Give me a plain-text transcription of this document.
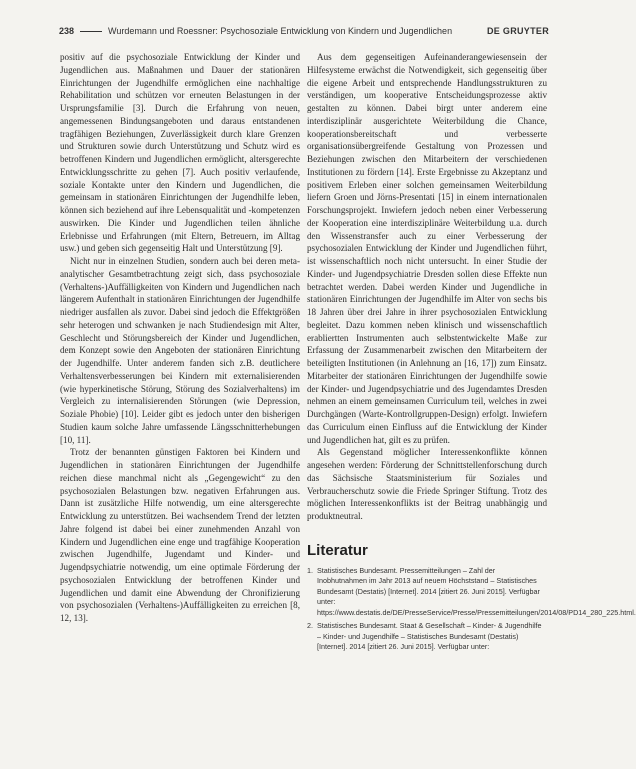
238	Wurdemann und Roessner: Psychosoziale Entwicklung von Kindern und Jugendlichen	DE GRUYTER

positiv auf die psychosoziale Entwicklung der Kinder und Jugendlichen aus. Maßnahmen und Dauer der stationären Einrichtungen der Jugendhilfe ermöglichen eine nachhaltige Rehabilitation und schützen vor erneuten Belastungen in der Ursprungsfamilie [3]. Durch die Erfahrung von neuen, angemessenen Bindungsangeboten und daraus entstandenen tragfähigen Beziehungen, Zuverlässigkeit durch klare Grenzen und Strukturen sowie durch Unterstützung und Schutz wird es betroffenen Kindern und Jugendlichen ermöglicht, altersgerechte Entwicklungsschritte zu gehen [7]. Auch positiv verlaufende, soziale Kontakte unter den Kindern und Jugendlichen, die gemeinsam in stationären Einrichtungen der Jugendhilfe leben, können sich beziehend auf ihre Lebensqualität und -kompetenzen auswirken. Die Kinder und Jugendlichen teilen ähnliche Erlebnisse und Erfahrungen (mit Eltern, Betreuern, im Alltag usw.) und geben sich gegenseitig Halt und Unterstützung [9].

Nicht nur in einzelnen Studien, sondern auch bei deren meta-analytischer Gesamtbetrachtung zeigt sich, dass psychosoziale (Verhaltens-)Auffälligkeiten von Kindern und Jugendlichen nach längerem Aufenthalt in stationären Einrichtungen der Jugendhilfe niedriger ausfallen als zuvor. Dabei sind jedoch die Effektgrößen sehr heterogen und schwanken je nach Studiendesign mit Alter, Geschlecht und Störungsbereich der Kinder und Jugendlichen, dem Konzept sowie den Angeboten der stationären Einrichtung der Jugendhilfe. Unter anderem fanden sich z.B. deutlichere Verhaltensverbesserungen bei Kindern mit externalisierenden (wie hyperkinetische Störung, Störung des Sozialverhaltens) im Vergleich zu internalisierenden Störungen (wie Depression, Soziale Phobie) [10]. Leider gibt es jedoch unter den bisherigen Studien kaum solche Jahre umfassende Längsschnitterhebungen [10, 11].

Trotz der benannten günstigen Faktoren bei Kindern und Jugendlichen in stationären Einrichtungen der Jugendhilfe reichen diese manchmal nicht als „Gegengewicht“ zu den psychosozialen Belastungen bzw. negativen Erfahrungen aus. Dann ist zusätzliche Hilfe notwendig, um eine altersgerechte Entwicklung zu unterstützen. Bei wachsendem Trend der letzten Jahre folgend ist dabei bei einer zunehmenden Anzahl von Kindern und Jugendlichen eine enge und tragfähige Kooperation zwischen Jugendhilfe, Jugendamt und Kinder- und Jugendpsychiatrie notwendig, um eine optimale Förderung der psychosozialen Entwicklung der betroffenen Kinder und Jugendlichen und damit eine Abwendung der Chronifizierung von psychosozialen (Verhaltens-)Auffälligkeiten zu erreichen [8, 12, 13].

Aus dem gegenseitigen Aufeinanderangewiesensein der Hilfesysteme erwächst die Notwendigkeit, sich gegenseitig über die eigene Arbeit und entsprechende Handlungsstrukturen zu verständigen, um kooperative Entscheidungsprozesse aktiv gestalten zu können. Dabei birgt unter anderem eine interdisziplinär ausgerichtete Weiterbildung die Chance, kooperationsbereitschaft und verbesserte organisationsübergreifende Gestaltung von Prozessen und Beziehungen zwischen den Mitarbeitern der verschiedenen Institutionen zu fördern [14]. Erste Ergebnisse zu Akzeptanz und positivem Erleben einer solchen gemeinsamen Weiterbildung liefern Groen und Jörns-Presentati [15] in einem internationalen Forschungsprojekt. Inwiefern jedoch neben einer Verbesserung der Kooperation eine interdisziplinäre Weiterbildung u.a. durch den Wissenstransfer auch zu einer Verbesserung der psychosozialen Entwicklung der Kinder und Jugendlichen führt, ist wissenschaftlich noch nicht untersucht. In einer Studie der Kinder- und Jugendpsychiatrie Dresden sollen diese Effekte nun betrachtet werden. Dabei werden Kinder und Jugendliche in stationären Einrichtungen der Jugendhilfe im Alter von sechs bis 18 Jahren über drei Jahre in ihrer psychosozialen Entwicklung begleitet. Dazu kommen neben klinisch und wissenschaftlich erabliertten Instrumenten auch selbstentwickelte Maße zur Erfassung der Zusammenarbeit zwischen den Mitarbeitern der beteiligten Institutionen (in Anlehnung an [16, 17]) zum Einsatz. Mitarbeiter der stationären Einrichtungen der Jugendhilfe sowie der Kinder- und Jugendpsychiatrie und des Jugendamtes Dresden nehmen an einem gemeinsamen Curriculum teil, welches in zwei Durchgängen (Warte-Kontrollgruppen-Design) erfolgt. Inwiefern das Curriculum einen Einfluss auf die Entwicklung der Kinder und Jugendlichen hat, gilt es zu prüfen.

Als Gegenstand möglicher Interessenkonflikte können angesehen werden: Förderung der Schnittstellenforschung durch das Sächsische Staatsministerium für Soziales und Verbraucherschutz sowie die Friede Springer Stiftung. Trotz des möglichen Interessenkonflikts ist der Beitrag unabhängig und produktneutral.

Literatur
1. Statistisches Bundesamt. Pressemitteilungen – Zahl der Inobhutnahmen im Jahr 2013 auf neuem Höchststand – Statistisches Bundesamt (Destatis) [Internet]. 2014 [zitiert 26. Juni 2015]. Verfügbar unter: https://www.destatis.de/DE/PresseService/Presse/Pressemitteilungen/2014/08/PD14_280_225.html.
2. Statistisches Bundesamt. Staat & Gesellschaft – Kinder- & Jugendhilfe – Kinder- und Jugendhilfe – Statistisches Bundesamt (Destatis) [Internet]. 2014 [zitiert 26. Juni 2015]. Verfügbar unter:
